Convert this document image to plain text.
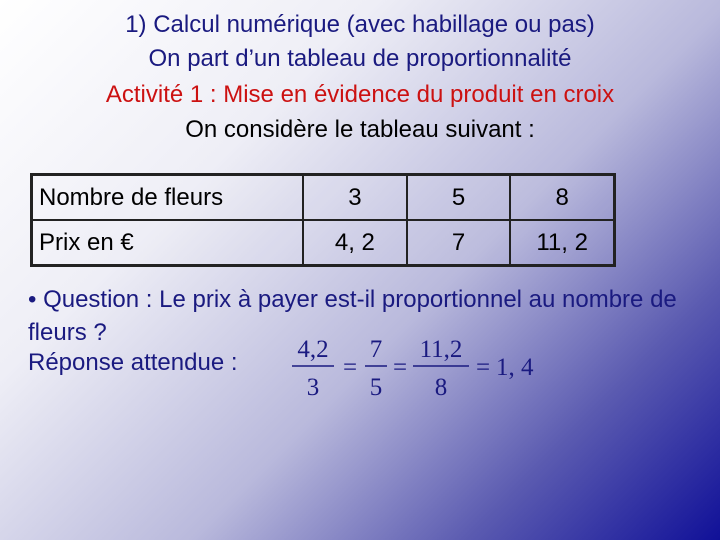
1) Calcul numérique (avec habillage ou pas)
On part d’un tableau de proportionnalité
Activité 1 : Mise en évidence du produit en croix

On considère le tableau suivant :

Nombre de fleurs	3	5	8
Prix en €	4, 2	7	11, 2

• Question : Le prix à payer est-il proportionnel au nombre de fleurs ?

Réponse attendue : 4,2
3
=
7
5
=
11,2
8
= 1, 4
